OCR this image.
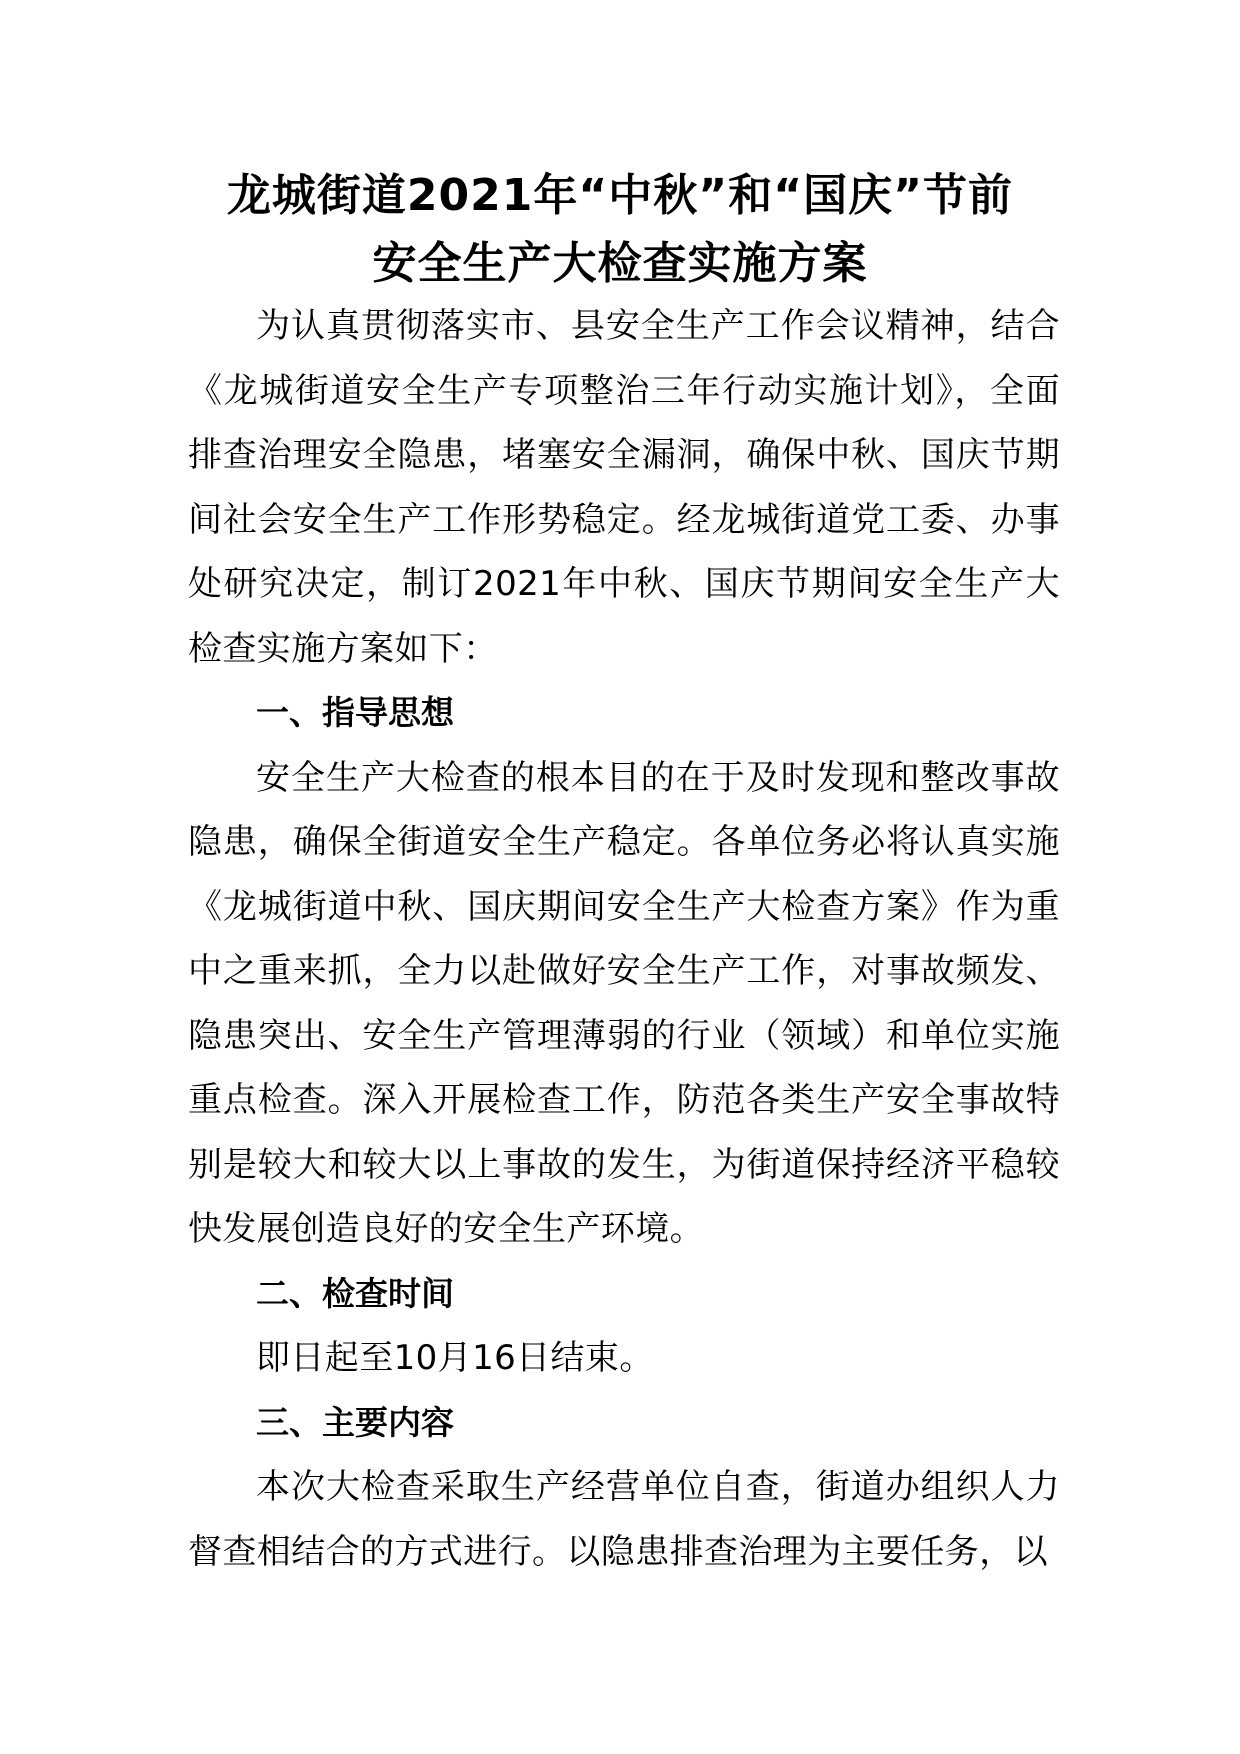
龙城街道2021年“中秋”和“国庆”节前
安全生产大检查实施方案

为认真贯彻落实市、县安全生产工作会议精神，结合《龙城街道安全生产专项整治三年行动实施计划》，全面排查治理安全隐患，堵塞安全漏洞，确保中秋、国庆节期间社会安全生产工作形势稳定。经龙城街道党工委、办事处研究决定，制订2021年中秋、国庆节期间安全生产大检查实施方案如下：

一、指导思想

安全生产大检查的根本目的在于及时发现和整改事故隐患，确保全街道安全生产稳定。各单位务必将认真实施《龙城街道中秋、国庆期间安全生产大检查方案》作为重中之重来抓，全力以赴做好安全生产工作，对事故频发、隐患突出、安全生产管理薄弱的行业（领域）和单位实施重点检查。深入开展检查工作，防范各类生产安全事故特别是较大和较大以上事故的发生，为街道保持经济平稳较快发展创造良好的安全生产环境。

二、检查时间

即日起至10月16日结束。

三、主要内容

本次大检查采取生产经营单位自查，街道办组织人力督查相结合的方式进行。以隐患排查治理为主要任务，以
